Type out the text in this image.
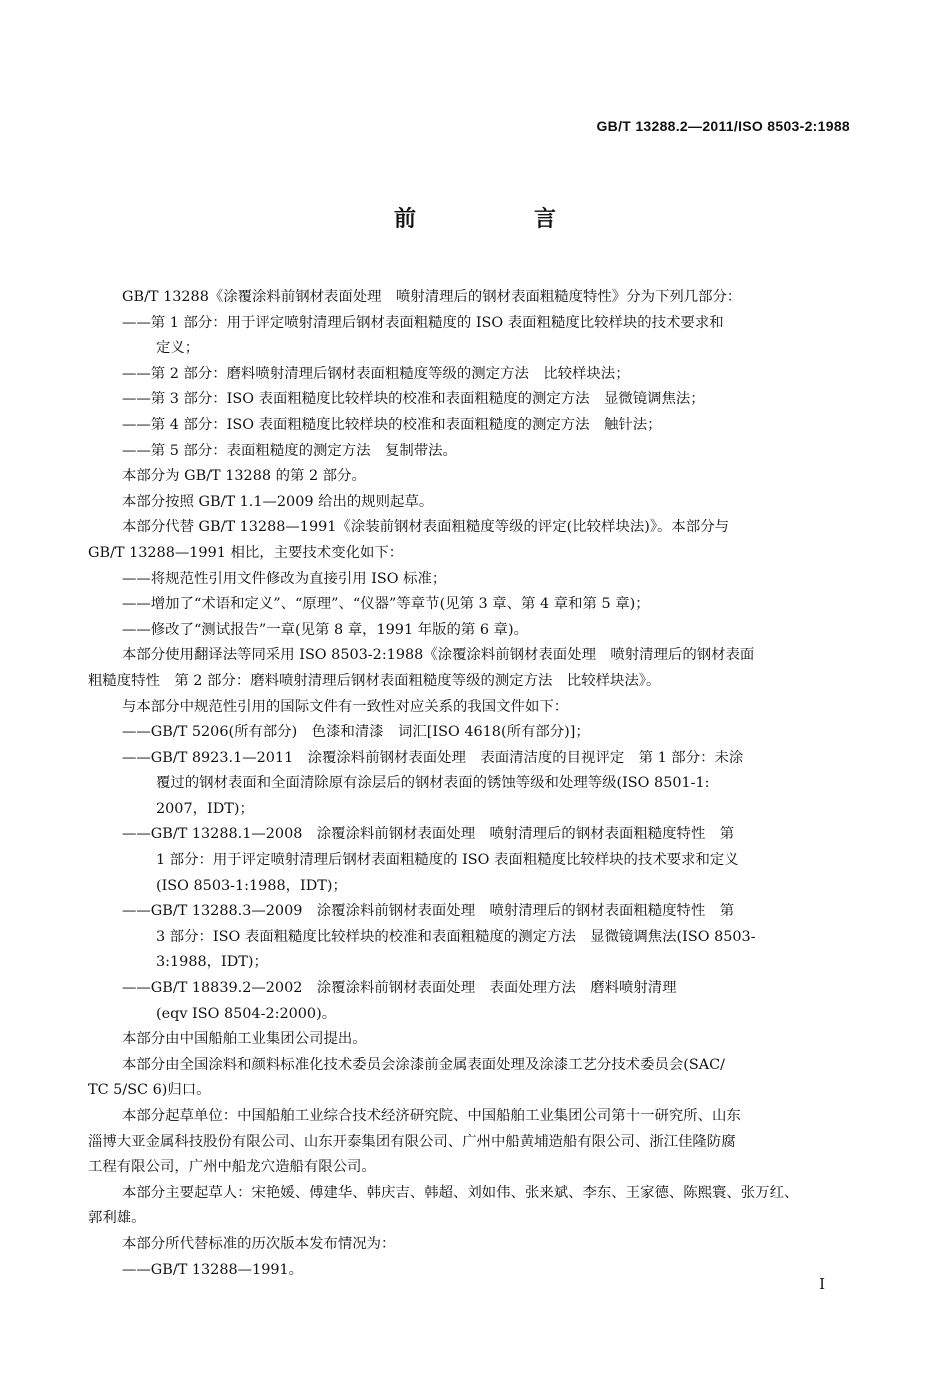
GB/T 13288.2—2011/ISO 8503-2:1988
前　言
GB/T 13288《涂覆涂料前钢材表面处理　喷射清理后的钢材表面粗糙度特性》分为下列几部分：
——第 1 部分：用于评定喷射清理后钢材表面粗糙度的 ISO 表面粗糙度比较样块的技术要求和
定义；
——第 2 部分：磨料喷射清理后钢材表面粗糙度等级的测定方法　比较样块法；
——第 3 部分：ISO 表面粗糙度比较样块的校准和表面粗糙度的测定方法　显微镜调焦法；
——第 4 部分：ISO 表面粗糙度比较样块的校准和表面粗糙度的测定方法　触针法；
——第 5 部分：表面粗糙度的测定方法　复制带法。
本部分为 GB/T 13288 的第 2 部分。
本部分按照 GB/T 1.1—2009 给出的规则起草。
本部分代替 GB/T 13288—1991《涂装前钢材表面粗糙度等级的评定(比较样块法)》。本部分与
GB/T 13288—1991 相比，主要技术变化如下：
——将规范性引用文件修改为直接引用 ISO 标准；
——增加了“术语和定义”、“原理”、“仪器”等章节(见第 3 章、第 4 章和第 5 章)；
——修改了“测试报告”一章(见第 8 章，1991 年版的第 6 章)。
本部分使用翻译法等同采用 ISO 8503-2:1988《涂覆涂料前钢材表面处理　喷射清理后的钢材表面
粗糙度特性　第 2 部分：磨料喷射清理后钢材表面粗糙度等级的测定方法　比较样块法》。
与本部分中规范性引用的国际文件有一致性对应关系的我国文件如下：
——GB/T 5206(所有部分)　色漆和清漆　词汇[ISO 4618(所有部分)]；
——GB/T 8923.1—2011　涂覆涂料前钢材表面处理　表面清洁度的目视评定　第 1 部分：未涂
覆过的钢材表面和全面清除原有涂层后的钢材表面的锈蚀等级和处理等级(ISO 8501-1:
2007，IDT)；
——GB/T 13288.1—2008　涂覆涂料前钢材表面处理　喷射清理后的钢材表面粗糙度特性　第
1 部分：用于评定喷射清理后钢材表面粗糙度的 ISO 表面粗糙度比较样块的技术要求和定义
(ISO 8503-1:1988，IDT)；
——GB/T 13288.3—2009　涂覆涂料前钢材表面处理　喷射清理后的钢材表面粗糙度特性　第
3 部分：ISO 表面粗糙度比较样块的校准和表面粗糙度的测定方法　显微镜调焦法(ISO 8503-
3:1988，IDT)；
——GB/T 18839.2—2002　涂覆涂料前钢材表面处理　表面处理方法　磨料喷射清理
(eqv ISO 8504-2:2000)。
本部分由中国船舶工业集团公司提出。
本部分由全国涂料和颜料标准化技术委员会涂漆前金属表面处理及涂漆工艺分技术委员会(SAC/
TC 5/SC 6)归口。
本部分起草单位：中国船舶工业综合技术经济研究院、中国船舶工业集团公司第十一研究所、山东
淄博大亚金属科技股份有限公司、山东开泰集团有限公司、广州中船黄埔造船有限公司、浙江佳隆防腐
工程有限公司，广州中船龙穴造船有限公司。
本部分主要起草人：宋艳媛、傅建华、韩庆吉、韩超、刘如伟、张来斌、李东、王家德、陈熙寰、张万红、
郭利雄。
本部分所代替标准的历次版本发布情况为：
——GB/T 13288—1991。
I
